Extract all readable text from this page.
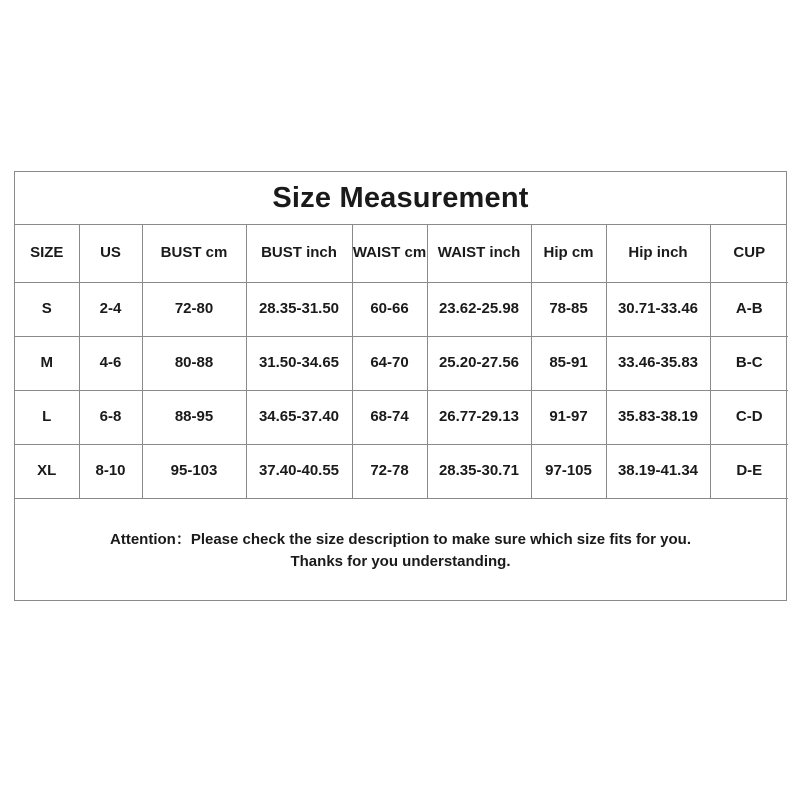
Size Measurement
SIZE	US	BUST cm	BUST inch	WAIST cm	WAIST inch	Hip cm	Hip inch	CUP
S	2-4	72-80	28.35-31.50	60-66	23.62-25.98	78-85	30.71-33.46	A-B
M	4-6	80-88	31.50-34.65	64-70	25.20-27.56	85-91	33.46-35.83	B-C
L	6-8	88-95	34.65-37.40	68-74	26.77-29.13	91-97	35.83-38.19	C-D
XL	8-10	95-103	37.40-40.55	72-78	28.35-30.71	97-105	38.19-41.34	D-E
Attention：Please check the size description to make sure which size fits for you.
Thanks for you understanding.
